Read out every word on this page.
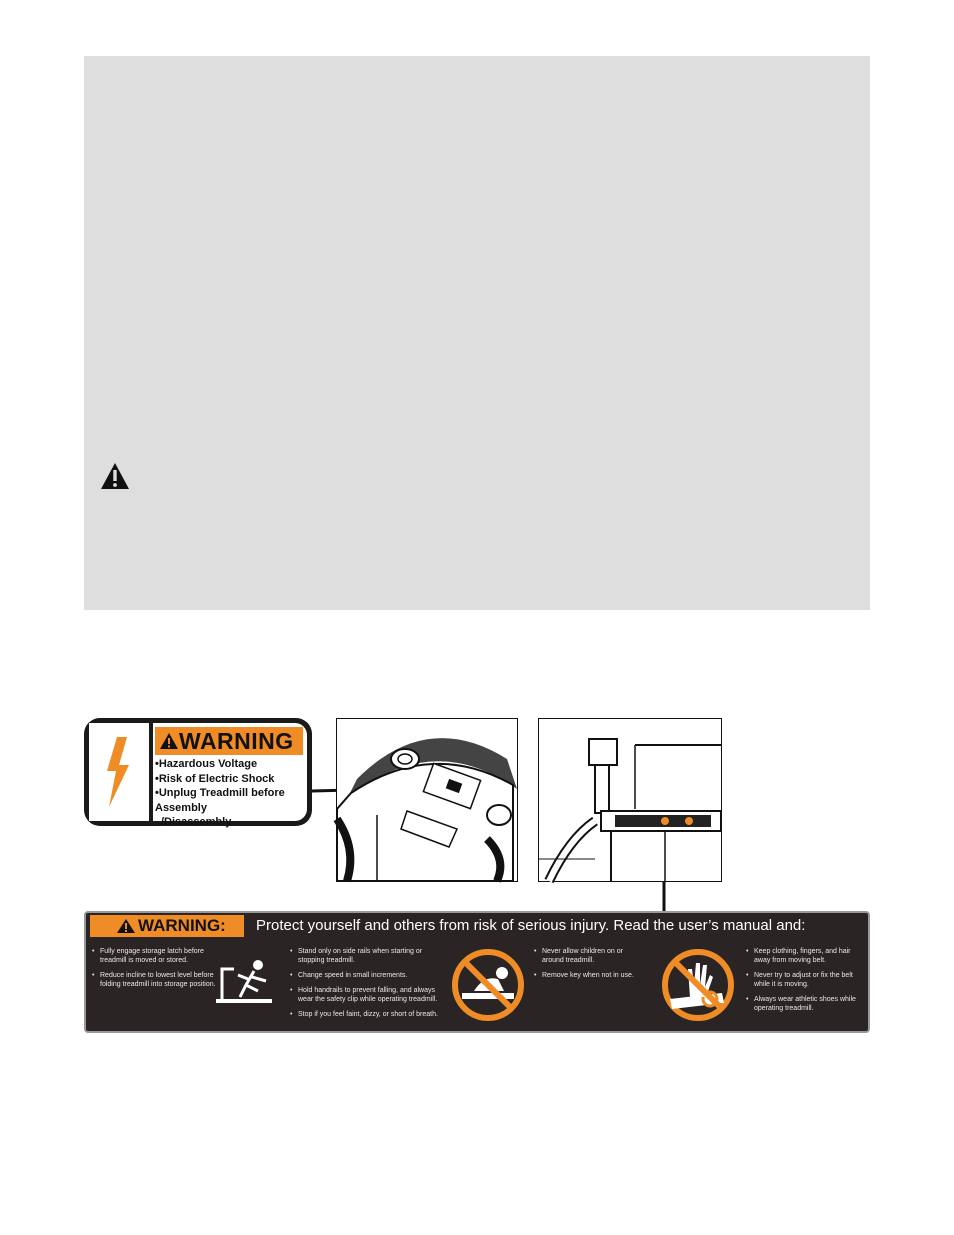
WARNING
•Hazardous Voltage
•Risk of Electric Shock
•Unplug Treadmill before Assembly
/Disassembly.
WARNING: Protect yourself and others from risk of serious injury. Read the user’s manual and:

• Fully engage storage latch before treadmill is moved or stored.

• Reduce incline to lowest level before folding treadmill into storage position.

• Stand only on side rails when starting or stopping treadmill.

• Change speed in small increments.

• Hold handrails to prevent falling, and always wear the safety clip while operating treadmill.

• Stop if you feel faint, dizzy, or short of breath.

• Never allow children on or around treadmill.

• Remove key when not in use.

• Keep clothing, fingers, and hair away from moving belt.

• Never try to adjust or fix the belt while it is moving.

• Always wear athletic shoes while operating treadmill.
